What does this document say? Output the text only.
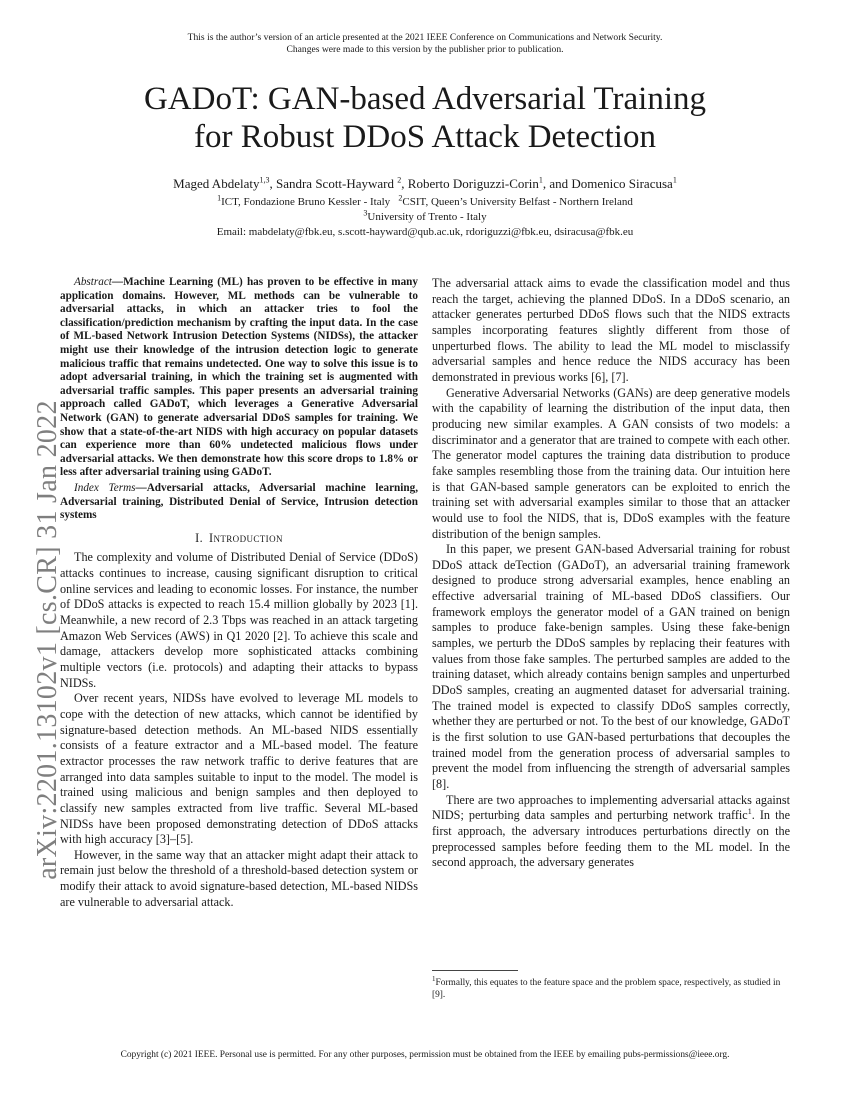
This is the author’s version of an article presented at the 2021 IEEE Conference on Communications and Network Security.
Changes were made to this version by the publisher prior to publication.
arXiv:2201.13102v1 [cs.CR] 31 Jan 2022
GADoT: GAN-based Adversarial Training
for Robust DDoS Attack Detection
Maged Abdelaty$^{1,3}$, Sandra Scott-Hayward $^2$, Roberto Doriguzzi-Corin$^1$, and Domenico Siracusa$^1$
$^1$ICT, Fondazione Bruno Kessler - Italy $^2$CSIT, Queen’s University Belfast - Northern Ireland
$^3$University of Trento - Italy
Email: mabdelaty@fbk.eu, s.scott-hayward@qub.ac.uk, rdoriguzzi@fbk.eu, dsiracusa@fbk.eu

Abstract—Machine Learning (ML) has proven to be effective in many application domains. However, ML methods can be vulnerable to adversarial attacks, in which an attacker tries to fool the classification/prediction mechanism by crafting the input data. In the case of ML-based Network Intrusion Detection Systems (NIDSs), the attacker might use their knowledge of the intrusion detection logic to generate malicious traffic that remains undetected. One way to solve this issue is to adopt adversarial training, in which the training set is augmented with adversarial traffic samples. This paper presents an adversarial training approach called GADoT, which leverages a Generative Adversarial Network (GAN) to generate adversarial DDoS samples for training. We show that a state-of-the-art NIDS with high accuracy on popular datasets can experience more than 60% undetected malicious flows under adversarial attacks. We then demonstrate how this score drops to 1.8% or less after adversarial training using GADoT.

Index Terms—Adversarial attacks, Adversarial machine learning, Adversarial training, Distributed Denial of Service, Intrusion detection systems

I. Introduction

The complexity and volume of Distributed Denial of Service (DDoS) attacks continues to increase, causing significant disruption to critical online services and leading to economic losses. For instance, the number of DDoS attacks is expected to reach 15.4 million globally by 2023 [1]. Meanwhile, a new record of 2.3 Tbps was reached in an attack targeting Amazon Web Services (AWS) in Q1 2020 [2]. To achieve this scale and damage, attackers develop more sophisticated attacks combining multiple vectors (i.e. protocols) and adapting their attacks to bypass NIDSs.

Over recent years, NIDSs have evolved to leverage ML models to cope with the detection of new attacks, which cannot be identified by signature-based detection methods. An ML-based NIDS essentially consists of a feature extractor and a ML-based model. The feature extractor processes the raw network traffic to derive features that are arranged into data samples suitable to input to the model. The model is trained using malicious and benign samples and then deployed to classify new samples extracted from live traffic. Several ML-based NIDSs have been proposed demonstrating detection of DDoS attacks with high accuracy [3]–[5].

However, in the same way that an attacker might adapt their attack to remain just below the threshold of a threshold-based detection system or modify their attack to avoid signature-based detection, ML-based NIDSs are vulnerable to adversarial attack.

The adversarial attack aims to evade the classification model and thus reach the target, achieving the planned DDoS. In a DDoS scenario, an attacker generates perturbed DDoS flows such that the NIDS extracts samples incorporating features slightly different from those of unperturbed flows. The ability to lead the ML model to misclassify adversarial samples and hence reduce the NIDS accuracy has been demonstrated in previous works [6], [7].

Generative Adversarial Networks (GANs) are deep generative models with the capability of learning the distribution of the input data, then producing new similar examples. A GAN consists of two models: a discriminator and a generator that are trained to compete with each other. The generator model captures the training data distribution to produce fake samples resembling those from the training data. Our intuition here is that GAN-based sample generators can be exploited to enrich the training set with adversarial examples similar to those that an attacker would use to fool the NIDS, that is, DDoS examples with the feature distribution of the benign samples.

In this paper, we present GAN-based Adversarial training for robust DDoS attack deTection (GADoT), an adversarial training framework designed to produce strong adversarial examples, hence enabling an effective adversarial training of ML-based DDoS classifiers. Our framework employs the generator model of a GAN trained on benign samples to produce fake-benign samples. Using these fake-benign samples, we perturb the DDoS samples by replacing their features with values from those fake samples. The perturbed samples are added to the training dataset, which already contains benign samples and unperturbed DDoS samples, creating an augmented dataset for adversarial training. The trained model is expected to classify DDoS samples correctly, whether they are perturbed or not. To the best of our knowledge, GADoT is the first solution to use GAN-based perturbations that decouples the trained model from the generation process of adversarial samples to prevent the model from influencing the strength of adversarial samples [8].

There are two approaches to implementing adversarial attacks against NIDS; perturbing data samples and perturbing network traffic$^1$. In the first approach, the adversary introduces perturbations directly on the preprocessed samples before feeding them to the ML model. In the second approach, the adversary generates

$^1$Formally, this equates to the feature space and the problem space, respectively, as studied in [9].
Copyright (c) 2021 IEEE. Personal use is permitted. For any other purposes, permission must be obtained from the IEEE by emailing pubs-permissions@ieee.org.
